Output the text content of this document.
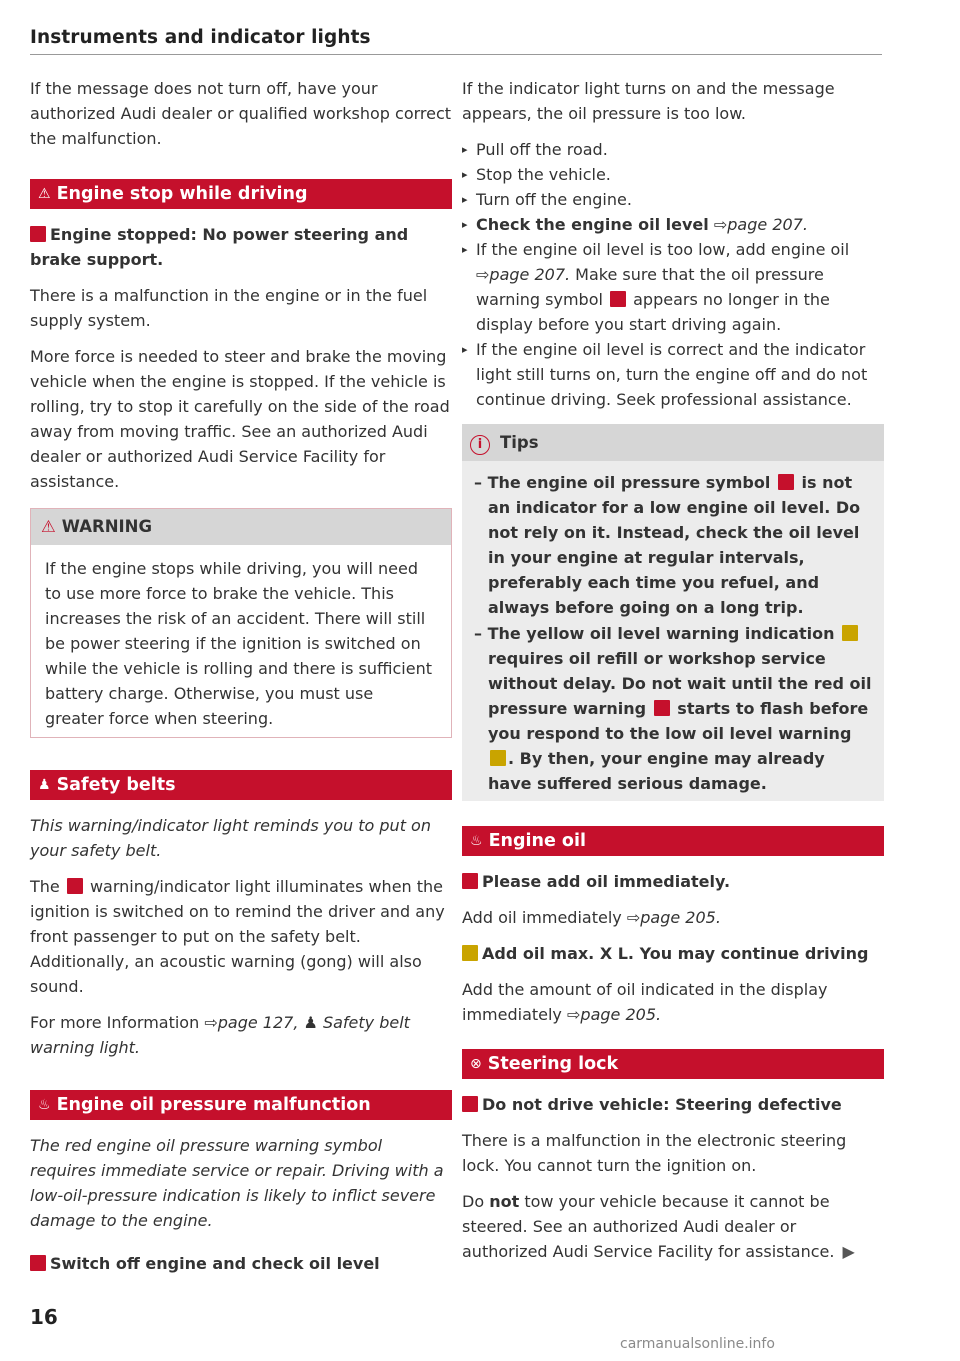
Instruments and indicator lights

If the message does not turn off, have your authorized Audi dealer or qualified workshop correct the malfunction.

⚠ Engine stop while driving

Engine stopped: No power steering and brake support.

There is a malfunction in the engine or in the fuel supply system.

More force is needed to steer and brake the moving vehicle when the engine is stopped. If the vehicle is rolling, try to stop it carefully on the side of the road away from moving traffic. See an authorized Audi dealer or authorized Audi Service Facility for assistance.

⚠ WARNING
If the engine stops while driving, you will need to use more force to brake the vehicle. This increases the risk of an accident. There will still be power steering if the ignition is switched on while the vehicle is rolling and there is sufficient battery charge. Otherwise, you must use greater force when steering.
♟ Safety belts

This warning/indicator light reminds you to put on your safety belt.

The warning/indicator light illuminates when the ignition is switched on to remind the driver and any front passenger to put on the safety belt. Additionally, an acoustic warning (gong) will also sound.

For more Information ⇨page 127, ♟ Safety belt warning light.

♨ Engine oil pressure malfunction

The red engine oil pressure warning symbol requires immediate service or repair. Driving with a low-oil-pressure indication is likely to inflict severe damage to the engine.

Switch off engine and check oil level

If the indicator light turns on and the message appears, the oil pressure is too low.

▸ Pull off the road.
▸ Stop the vehicle.
▸ Turn off the engine.
▸ Check the engine oil level ⇨page 207.
▸ If the engine oil level is too low, add engine oil ⇨page 207. Make sure that the oil pressure warning symbol appears no longer in the display before you start driving again.
▸ If the engine oil level is correct and the indicator light still turns on, turn the engine off and do not continue driving. Seek professional assistance.
i Tips
– The engine oil pressure symbol is not an indicator for a low engine oil level. Do not rely on it. Instead, check the oil level in your engine at regular intervals, preferably each time you refuel, and always before going on a long trip.
– The yellow oil level warning indication  requires oil refill or workshop service without delay. Do not wait until the red oil pressure warning starts to flash before you respond to the low oil level warning . By then, your engine may already have suffered serious damage.
♨ Engine oil

Please add oil immediately.

Add oil immediately ⇨page 205.

Add oil max. X L. You may continue driving

Add the amount of oil indicated in the display immediately ⇨page 205.

⊗ Steering lock

Do not drive vehicle: Steering defective

There is a malfunction in the electronic steering lock. You cannot turn the ignition on.

Do not tow your vehicle because it cannot be steered. See an authorized Audi dealer or authorized Audi Service Facility for assistance. ▶

16
carmanualsonline.info
